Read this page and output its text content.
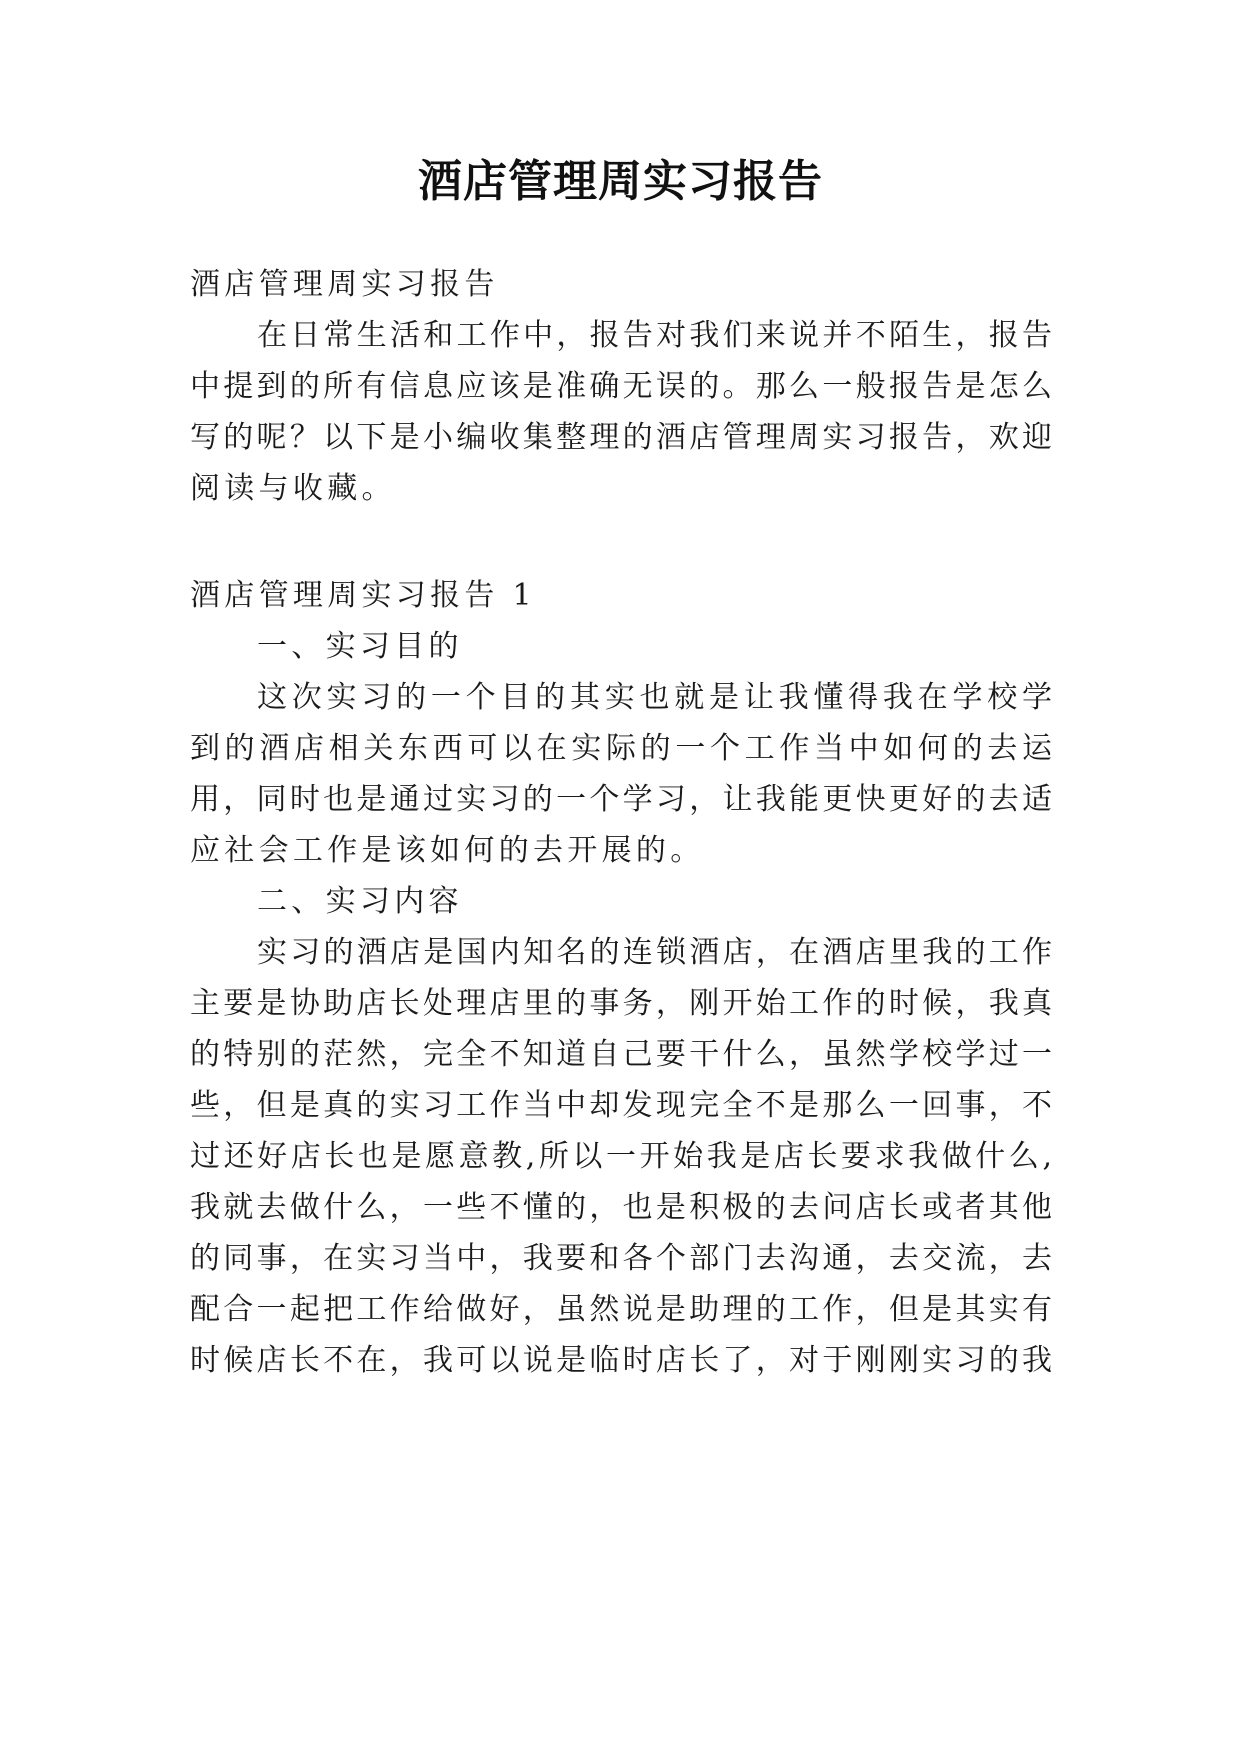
酒店管理周实习报告
酒店管理周实习报告
在日常生活和工作中，报告对我们来说并不陌生，报告
中提到的所有信息应该是准确无误的。那么一般报告是怎么
写的呢？以下是小编收集整理的酒店管理周实习报告，欢迎
阅读与收藏。
酒店管理周实习报告 1
一、实习目的
这次实习的一个目的其实也就是让我懂得我在学校学
到的酒店相关东西可以在实际的一个工作当中如何的去运
用，同时也是通过实习的一个学习，让我能更快更好的去适
应社会工作是该如何的去开展的。
二、实习内容
实习的酒店是国内知名的连锁酒店，在酒店里我的工作
主要是协助店长处理店里的事务，刚开始工作的时候，我真
的特别的茫然，完全不知道自己要干什么，虽然学校学过一
些，但是真的实习工作当中却发现完全不是那么一回事，不
过还好店长也是愿意教,所以一开始我是店长要求我做什么,
我就去做什么，一些不懂的，也是积极的去问店长或者其他
的同事，在实习当中，我要和各个部门去沟通，去交流，去
配合一起把工作给做好，虽然说是助理的工作，但是其实有
时候店长不在，我可以说是临时店长了，对于刚刚实习的我
